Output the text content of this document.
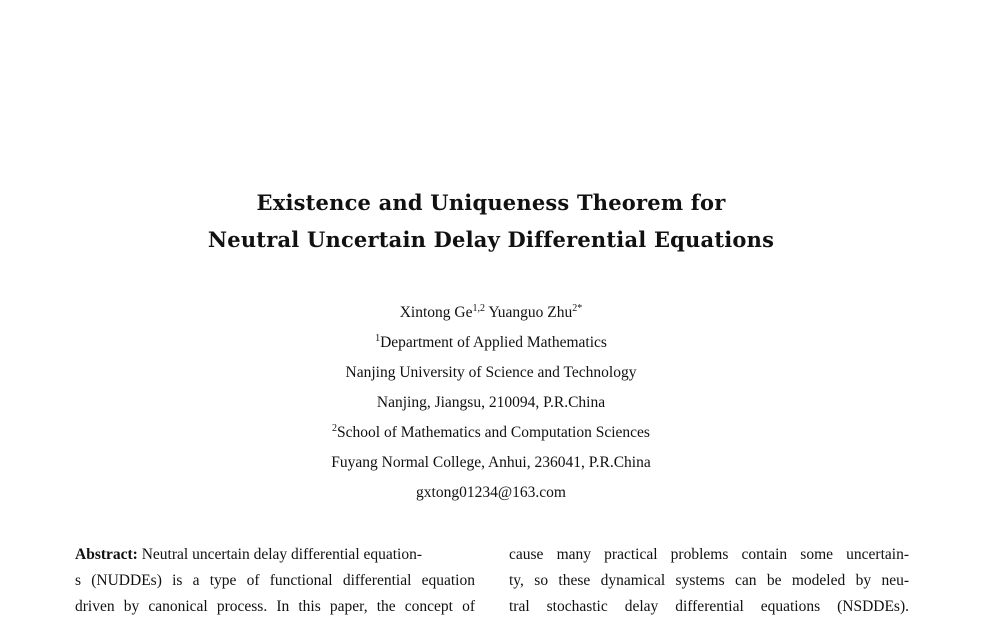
Existence and Uniqueness Theorem for
Neutral Uncertain Delay Differential Equations
Xintong Ge$^{1,2}$ Yuanguo Zhu$^{2*}$
$^1$Department of Applied Mathematics
Nanjing University of Science and Technology
Nanjing, Jiangsu, 210094, P.R.China
$^2$School of Mathematics and Computation Sciences
Fuyang Normal College, Anhui, 236041, P.R.China
gxtong01234@163.com
Abstract: Neutral uncertain delay differential equation-
s (NUDDEs) is a type of functional differential equation
driven by canonical process. In this paper, the concept of
cause many practical problems contain some uncertain-
ty, so these dynamical systems can be modeled by neu-
tral stochastic delay differential equations (NSDDEs).
